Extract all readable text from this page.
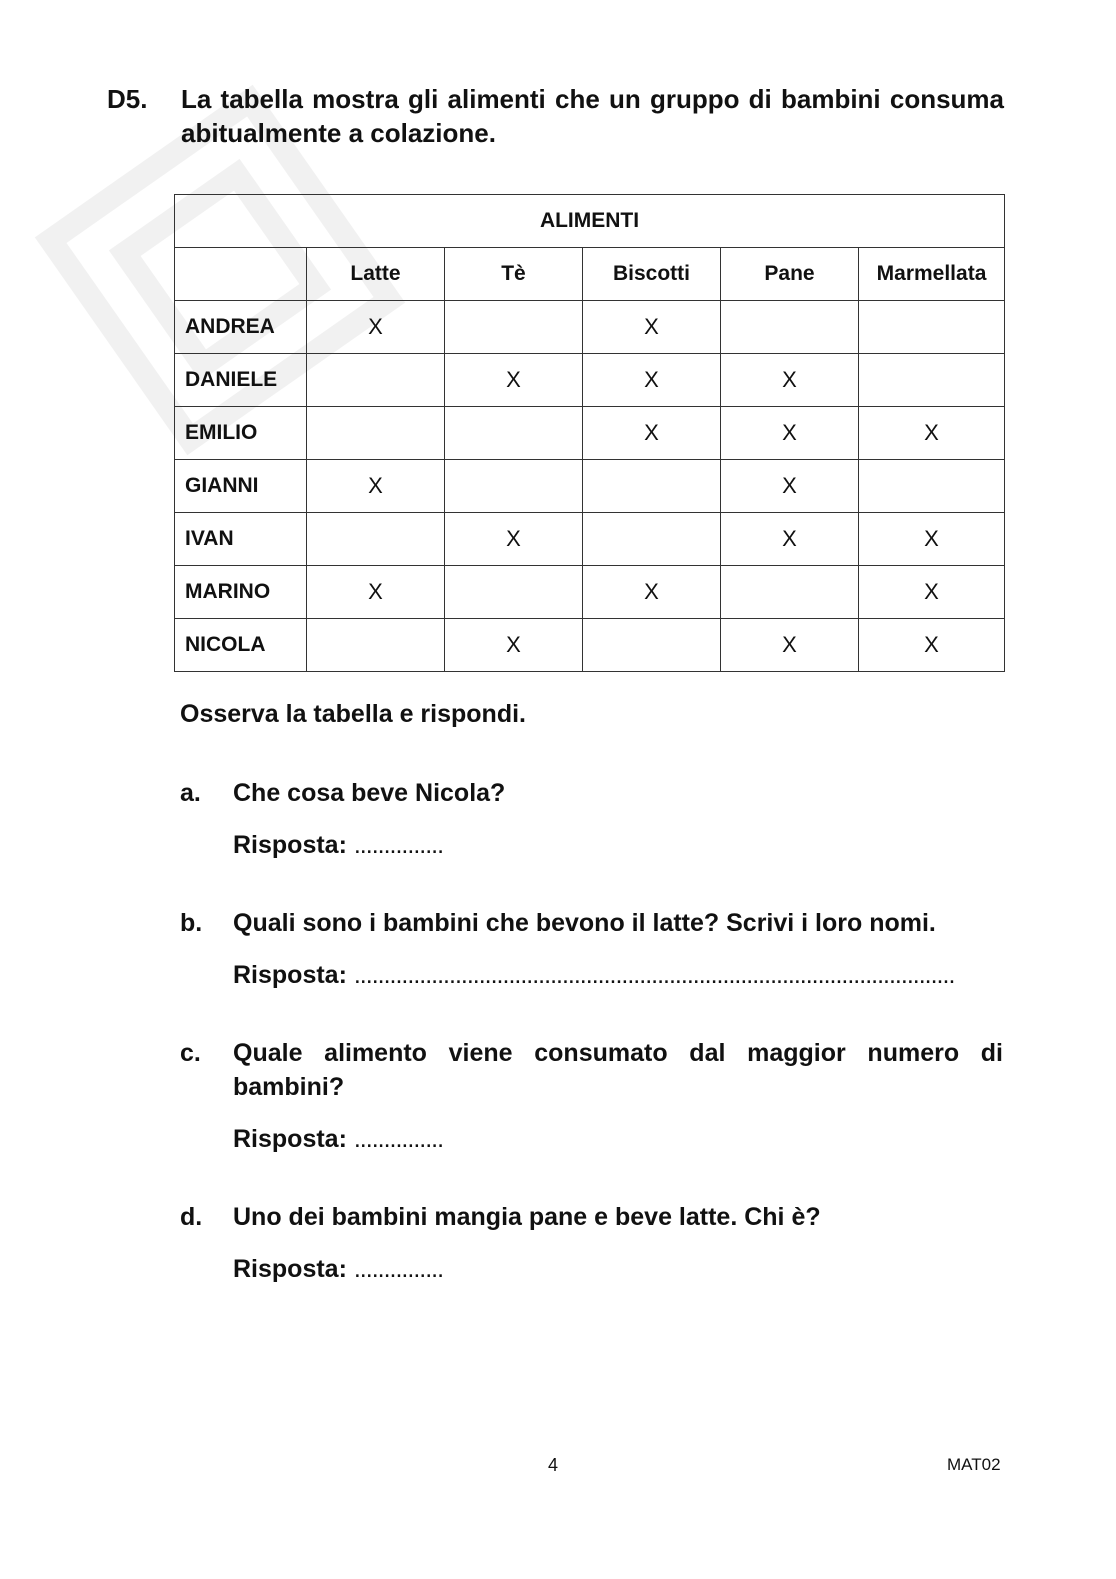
D5. La tabella mostra gli alimenti che un gruppo di bambini consuma
abitualmente a colazione.
ALIMENTI					
	Latte	Tè	Biscotti	Pane	Marmellata
ANDREA	X		X		
DANIELE		X	X	X	
EMILIO			X	X	X
GIANNI	X			X	
IVAN		X		X	X
MARINO	X		X		X
NICOLA		X		X	X
Osserva la tabella e rispondi.
a. Che cosa beve Nicola?
Risposta: ...............
b. Quali sono i bambini che bevono il latte? Scrivi i loro nomi.
Risposta: .....................................................................................................
c. Quale alimento viene consumato dal maggior numero di
bambini?
Risposta: ...............
d. Uno dei bambini mangia pane e beve latte. Chi è?
Risposta: ...............
4	MAT02
